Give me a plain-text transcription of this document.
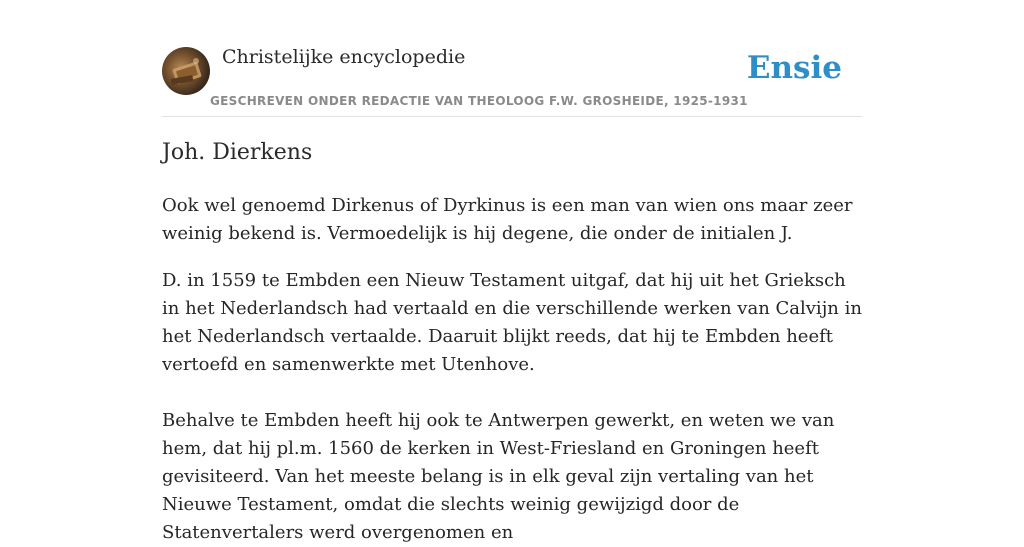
Christelijke encyclopedie
GESCHREVEN ONDER REDACTIE VAN THEOLOOG F.W. GROSHEIDE, 1925-1931
Ensie
Joh. Dierkens

Ook wel genoemd Dirkenus of Dyrkinus is een man van wien ons maar zeer weinig bekend is. Vermoedelijk is hij degene, die onder de initialen J.

D. in 1559 te Embden een Nieuw Testament uitgaf, dat hij uit het Grieksch in het Nederlandsch had vertaald en die verschillende werken van Calvijn in het Nederlandsch vertaalde. Daaruit blijkt reeds, dat hij te Embden heeft vertoefd en samenwerkte met Utenhove.

Behalve te Embden heeft hij ook te Antwerpen gewerkt, en weten we van hem, dat hij pl.m. 1560 de kerken in West-Friesland en Groningen heeft gevisiteerd. Van het meeste belang is in elk geval zijn vertaling van het Nieuwe Testament, omdat die slechts weinig gewijzigd door de Statenvertalers werd overgenomen en
